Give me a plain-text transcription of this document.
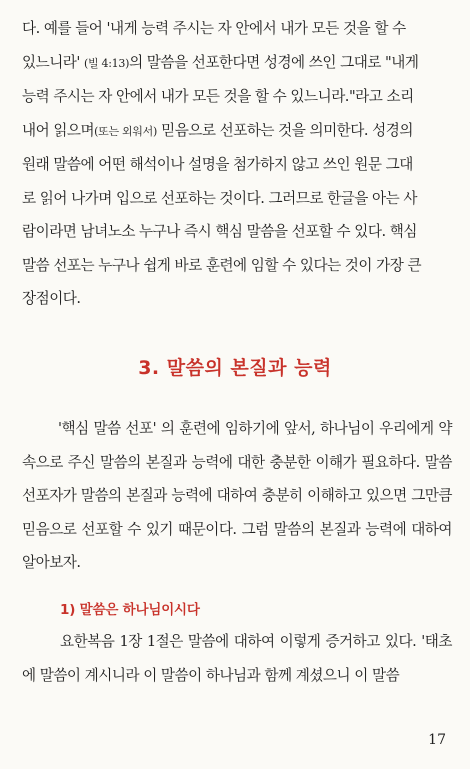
다. 예를 들어 '내게 능력 주시는 자 안에서 내가 모든 것을 할 수
있느니라' (빌 4:13)의 말씀을 선포한다면 성경에 쓰인 그대로 "내게
능력 주시는 자 안에서 내가 모든 것을 할 수 있느니라."라고 소리
내어 읽으며(또는 외워서) 믿음으로 선포하는 것을 의미한다. 성경의
원래 말씀에 어떤 해석이나 설명을 첨가하지 않고 쓰인 원문 그대
로 읽어 나가며 입으로 선포하는 것이다. 그러므로 한글을 아는 사
람이라면 남녀노소 누구나 즉시 핵심 말씀을 선포할 수 있다. 핵심
말씀 선포는 누구나 쉽게 바로 훈련에 임할 수 있다는 것이 가장 큰
장점이다.
3. 말씀의 본질과 능력

'핵심 말씀 선포' 의 훈련에 임하기에 앞서, 하나님이 우리에게 약속으로 주신 말씀의 본질과 능력에 대한 충분한 이해가 필요하다. 말씀 선포자가 말씀의 본질과 능력에 대하여 충분히 이해하고 있으면 그만큼 믿음으로 선포할 수 있기 때문이다. 그럼 말씀의 본질과 능력에 대하여 알아보자.

1) 말씀은 하나님이시다

요한복음 1장 1절은 말씀에 대하여 이렇게 증거하고 있다. '태초에 말씀이 계시니라 이 말씀이 하나님과 함께 계셨으니 이 말씀

17
